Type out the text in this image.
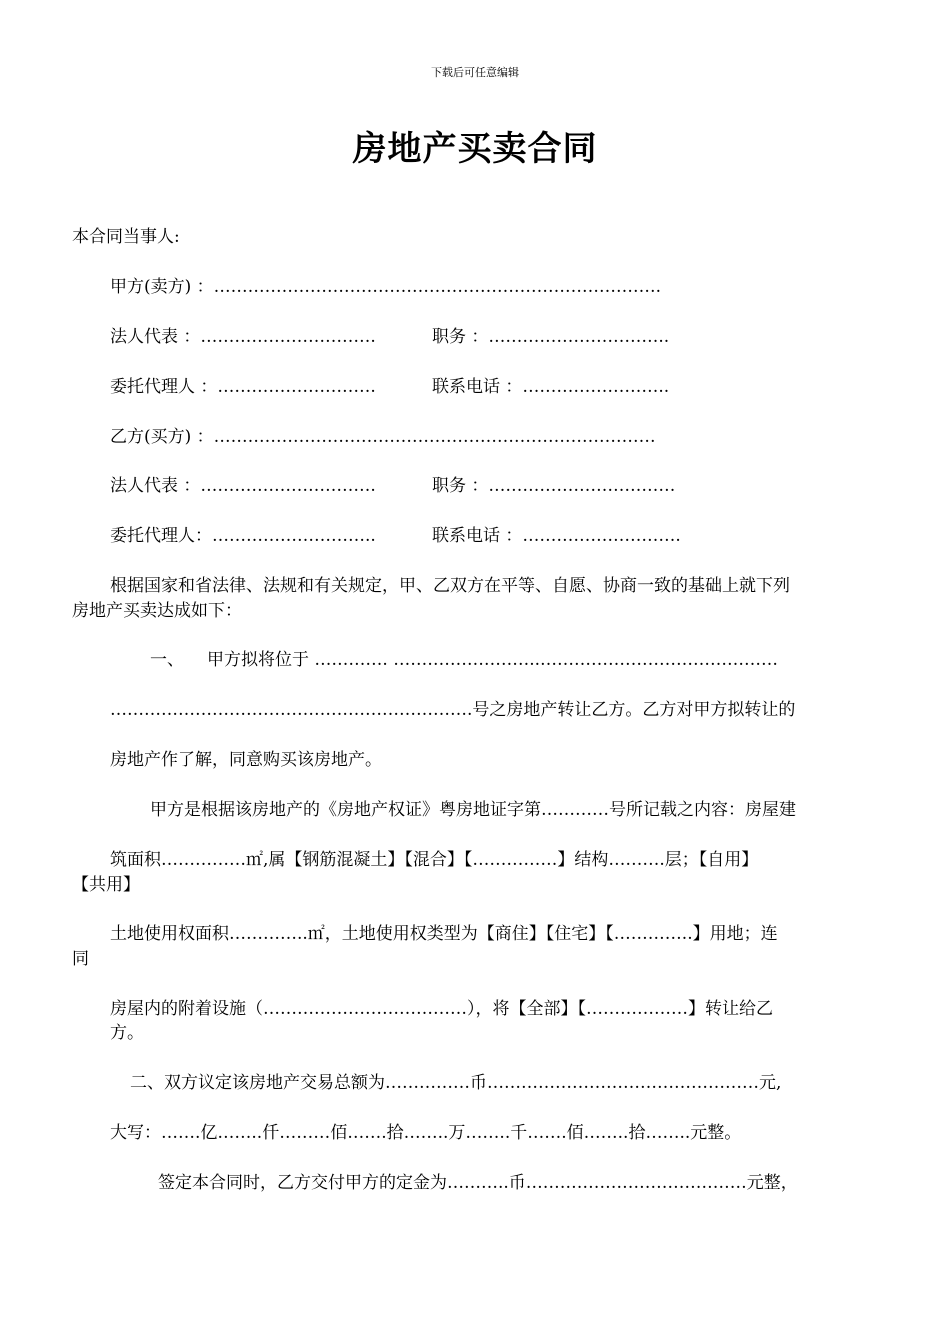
下载后可任意编辑
房地产买卖合同
本合同当事人:
甲方(卖方) ：…………………………………………………………………….
法人代表 ：………………………….	职务 ：…………………………..
委托代理人 ：……………………….	联系电话 ：……………………..
乙方(买方) ：……………………………………………………………………
法人代表 ：………………………….	职务 ：……………………………
委托代理人：………………………..	联系电话 ：……………………….
根据国家和省法律、法规和有关规定，甲、乙双方在平等、自愿、协商一致的基础上就下列
房地产买卖达成如下：
一、 甲方拟将位于 …………. ……………………..……………………………………
……………………………………………………….号之房地产转让乙方。乙方对甲方拟转让的
房地产作了解，同意购买该房地产。
甲方是根据该房地产的《房地产权证》粤房地证字第…………号所记载之内容：房屋建
筑面积……………㎡,属【钢筋混凝土】【混合】【……………】结构……….层；【自用】
【共用】
土地使用权面积…………..㎡，土地使用权类型为【商住】【住宅】【…………..】用地；连
同
房屋内的附着设施（………………………………），将【全部】【………………】转让给乙
方。
二、双方议定该房地产交易总额为……………币…………………………………………元,
大写：…….亿……..仟………佰…….拾……..万……..千…….佰……..拾……..元整。
签定本合同时，乙方交付甲方的定金为………..币…………………………………元整，
